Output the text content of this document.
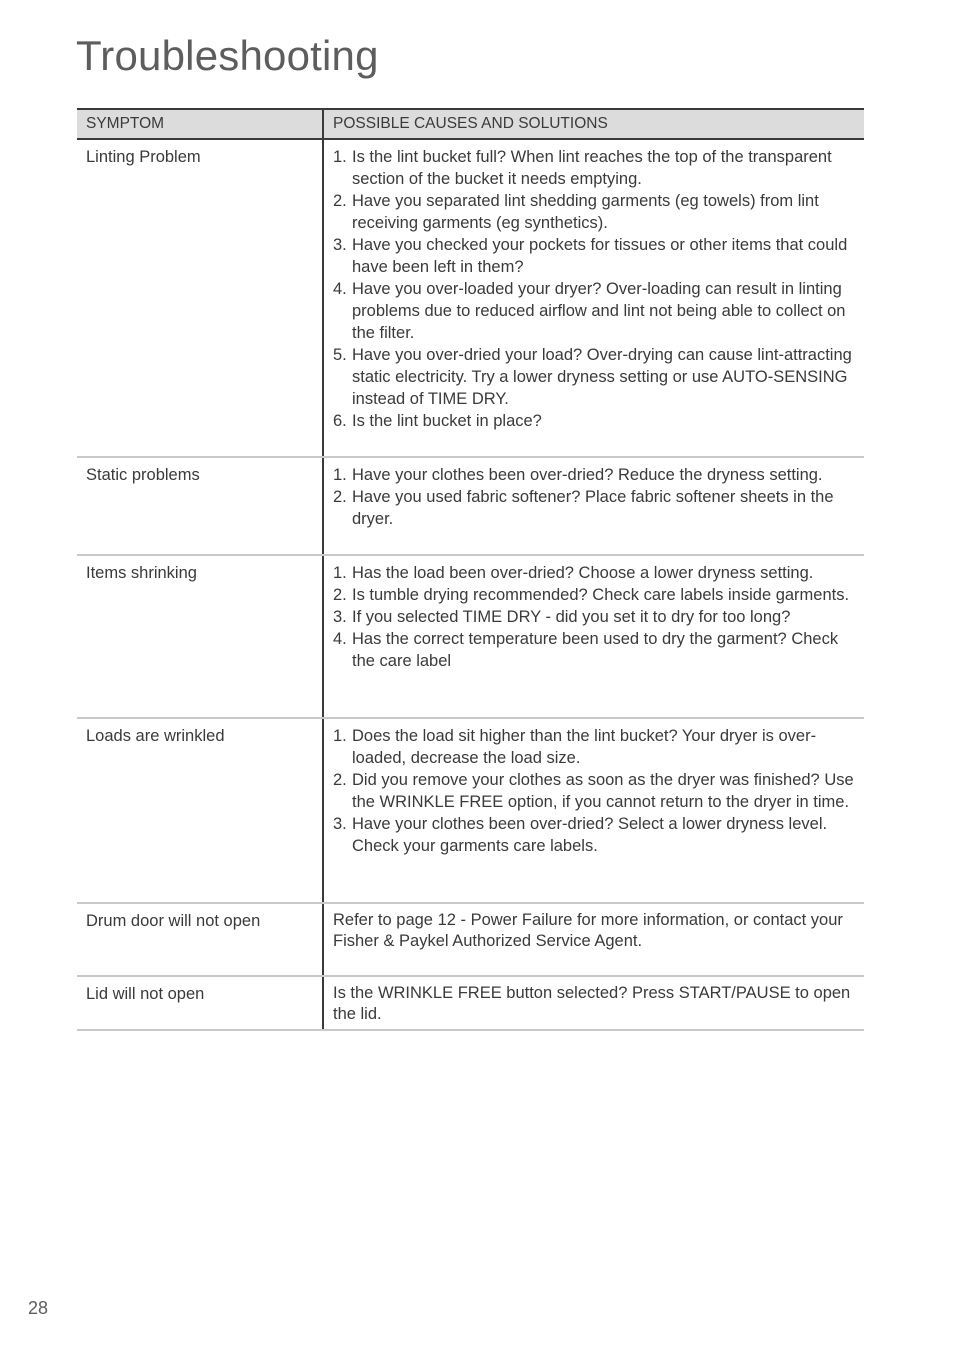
Troubleshooting
SYMPTOM	POSSIBLE CAUSES AND SOLUTIONS
Linting Problem	1. Is the lint bucket full? When lint reaches the top of the transparent section of the bucket it needs emptying.
2. Have you separated lint shedding garments (eg towels) from lint receiving garments (eg synthetics).
3. Have you checked your pockets for tissues or other items that could have been left in them?
4. Have you over-loaded your dryer? Over-loading can result in linting problems due to reduced airflow and lint not being able to collect on the filter.
5. Have you over-dried your load? Over-drying can cause lint-attracting static electricity. Try a lower dryness setting or use AUTO-SENSING instead of TIME DRY.
6. Is the lint bucket in place?
Static problems	1. Have your clothes been over-dried? Reduce the dryness setting.
2. Have you used fabric softener? Place fabric softener sheets in the dryer.
Items shrinking	1. Has the load been over-dried? Choose a lower dryness setting.
2. Is tumble drying recommended? Check care labels inside garments.
3. If you selected TIME DRY - did you set it to dry for too long?
4. Has the correct temperature been used to dry the garment? Check the care label
Loads are wrinkled	1. Does the load sit higher than the lint bucket? Your dryer is over-loaded, decrease the load size.
2. Did you remove your clothes as soon as the dryer was finished? Use the WRINKLE FREE option, if you cannot return to the dryer in time.
3. Have your clothes been over-dried? Select a lower dryness level. Check your garments care labels.
Drum door will not open	Refer to page 12 - Power Failure for more information, or contact your Fisher & Paykel Authorized Service Agent.

Lid will not open	Is the WRINKLE FREE button selected? Press START/PAUSE to open the lid.

28
